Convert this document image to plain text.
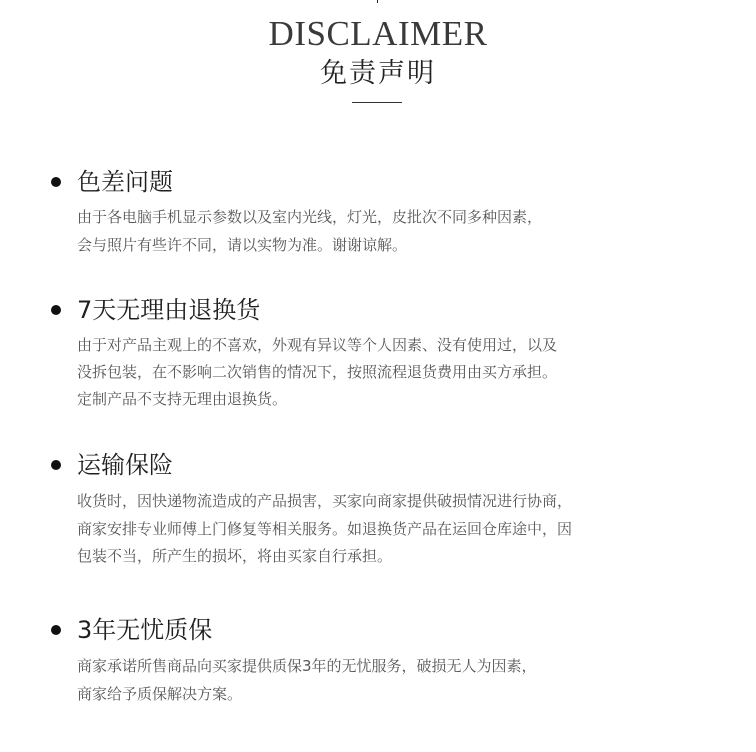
DISCLAIMER
免责声明
色差问题
由于各电脑手机显示参数以及室内光线，灯光，皮批次不同多种因素，
会与照片有些许不同，请以实物为准。谢谢谅解。
7天无理由退换货
由于对产品主观上的不喜欢，外观有异议等个人因素、没有使用过，以及
没拆包装，在不影响二次销售的情况下，按照流程退货费用由买方承担。
定制产品不支持无理由退换货。
运输保险
收货时，因快递物流造成的产品损害，买家向商家提供破损情况进行协商，
商家安排专业师傅上门修复等相关服务。如退换货产品在运回仓库途中，因
包装不当，所产生的损坏，将由买家自行承担。
3年无忧质保
商家承诺所售商品向买家提供质保3年的无忧服务，破损无人为因素，
商家给予质保解决方案。
